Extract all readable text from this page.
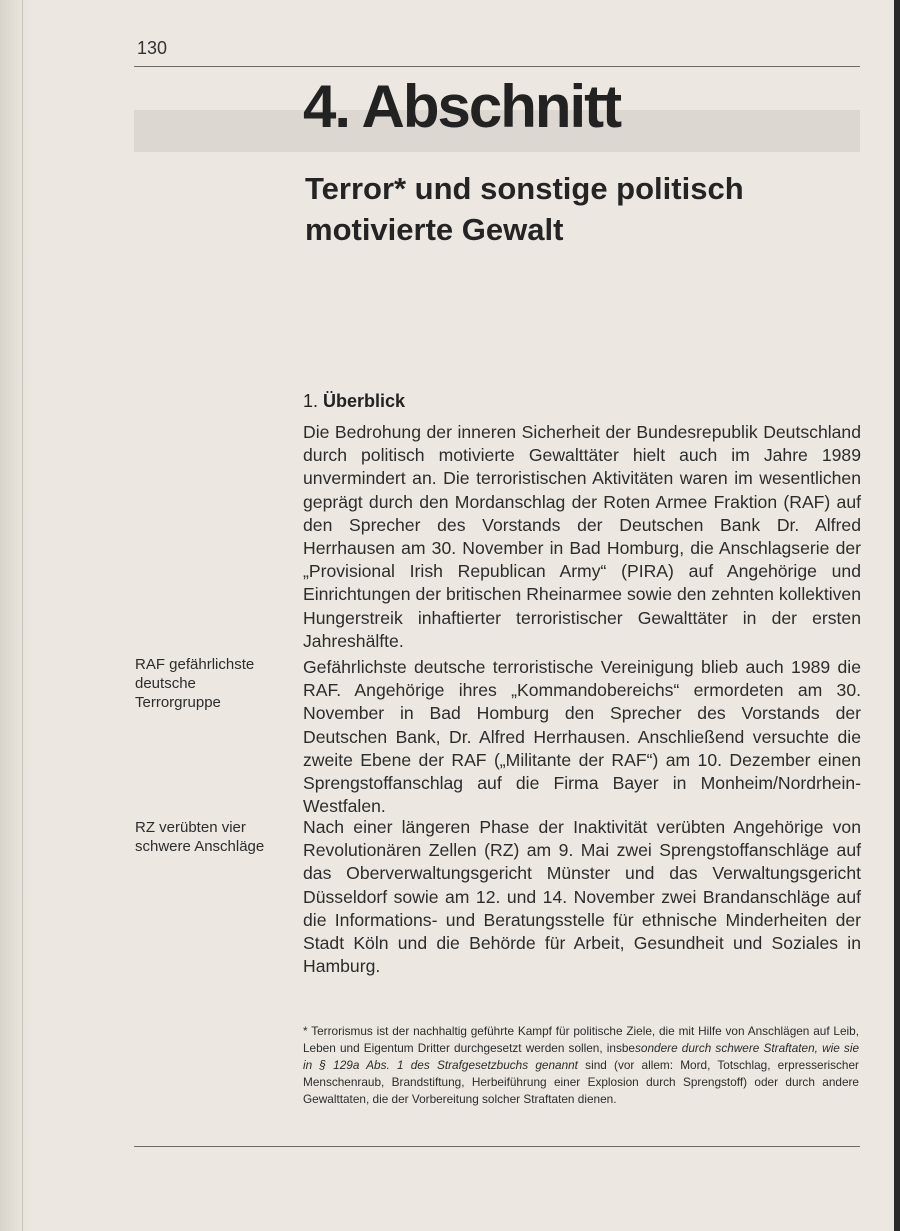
130
4. Abschnitt
Terror* und sonstige politisch motivierte Gewalt
1. Überblick
Die Bedrohung der inneren Sicherheit der Bundesrepublik Deutschland durch politisch motivierte Gewalttäter hielt auch im Jahre 1989 unvermindert an. Die terroristischen Aktivitäten waren im wesentlichen geprägt durch den Mordanschlag der Roten Armee Fraktion (RAF) auf den Sprecher des Vorstands der Deutschen Bank Dr. Alfred Herrhausen am 30. November in Bad Homburg, die Anschlagserie der „Provisional Irish Republican Army“ (PIRA) auf Angehörige und Einrichtungen der britischen Rheinarmee sowie den zehnten kollektiven Hungerstreik inhaftierter terroristischer Gewalttäter in der ersten Jahreshälfte.
Gefährlichste deutsche terroristische Vereinigung blieb auch 1989 die RAF. Angehörige ihres „Kommandobereichs“ ermordeten am 30. November in Bad Homburg den Sprecher des Vorstands der Deutschen Bank, Dr. Alfred Herrhausen. Anschließend versuchte die zweite Ebene der RAF („Militante der RAF“) am 10. Dezember einen Sprengstoffanschlag auf die Firma Bayer in Monheim/Nordrhein-Westfalen.
Nach einer längeren Phase der Inaktivität verübten Angehörige von Revolutionären Zellen (RZ) am 9. Mai zwei Sprengstoffanschläge auf das Oberverwaltungsgericht Münster und das Verwaltungsgericht Düsseldorf sowie am 12. und 14. November zwei Brandanschläge auf die Informations- und Beratungsstelle für ethnische Minderheiten der Stadt Köln und die Behörde für Arbeit, Gesundheit und Soziales in Hamburg.
RAF gefährlichste deutsche Terrorgruppe
RZ verübten vier schwere Anschläge
* Terrorismus ist der nachhaltig geführte Kampf für politische Ziele, die mit Hilfe von Anschlägen auf Leib, Leben und Eigentum Dritter durchgesetzt werden sollen, insbesondere durch schwere Straftaten, wie sie in § 129a Abs. 1 des Strafgesetzbuchs genannt sind (vor allem: Mord, Totschlag, erpresserischer Menschenraub, Brandstiftung, Herbeiführung einer Explosion durch Sprengstoff) oder durch andere Gewalttaten, die der Vorbereitung solcher Straftaten dienen.
